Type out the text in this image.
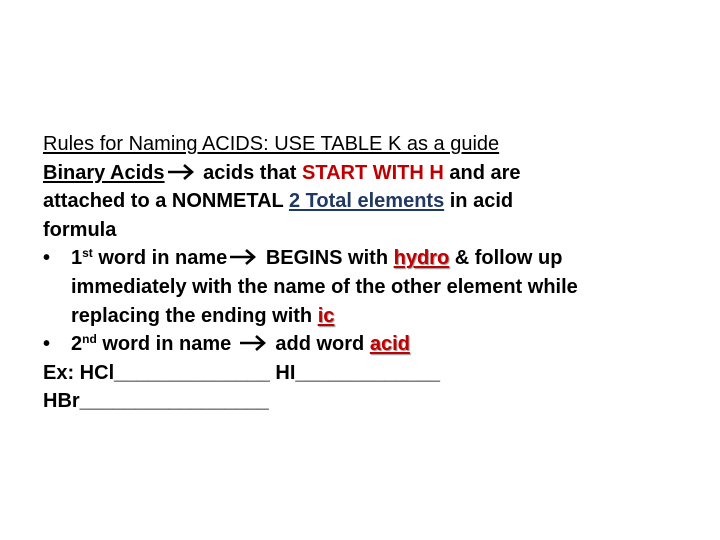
Rules for Naming ACIDS: USE TABLE K as a guide
Binary Acids
acids that START WITH H and are
attached to a NONMETAL 2 Total elements in acid
formula
• 1st word in name
BEGINS with hydro & follow up
immediately with the name of the other element while
replacing the ending with ic
• 2nd word in name
add word acid
Ex: HCl______________ HI_____________
HBr_________________
